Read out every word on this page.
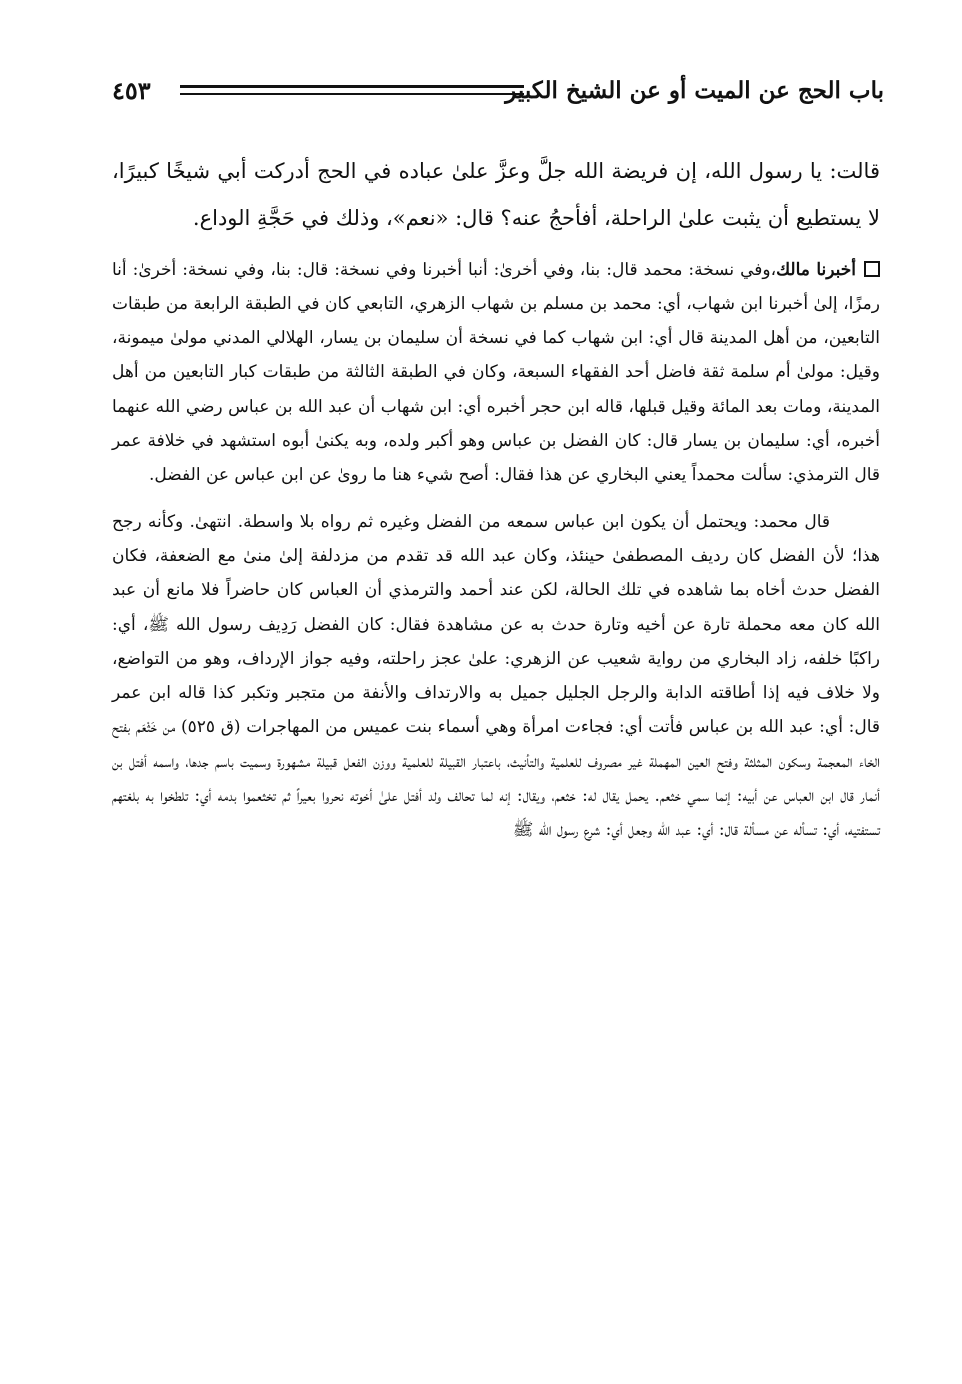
باب الحج عن الميت أو عن الشيخ الكبير
٤٥٣

قالت: يا رسول الله، إن فريضة الله جلَّ وعزَّ علىٰ عباده في الحج أدركت أبي شيخًا كبيرًا، لا يستطيع أن يثبت علىٰ الراحلة، أفأحجُ عنه؟ قال: «نعم»، وذلك في حَجَّةِ الوداع.

أخبرنا مالك،وفي نسخة: محمد قال: بنا، وفي أخرىٰ: أنبا أخبرنا وفي نسخة: قال: بنا، وفي نسخة: أخرىٰ: أنا رمزًا، إلىٰ أخبرنا ابن شهاب، أي: محمد بن مسلم بن شهاب الزهري، التابعي كان في الطبقة الرابعة من طبقات التابعين، من أهل المدينة قال أي: ابن شهاب كما في نسخة أن سليمان بن يسار، الهلالي المدني مولىٰ ميمونة، وقيل: مولىٰ أم سلمة ثقة فاضل أحد الفقهاء السبعة، وكان في الطبقة الثالثة من طبقات كبار التابعين من أهل المدينة، ومات بعد المائة وقيل قبلها، قاله ابن حجر أخبره أي: ابن شهاب أن عبد الله بن عباس رضي الله عنهما أخبره، أي: سليمان بن يسار قال: كان الفضل بن عباس وهو أكبر ولده، وبه يكنىٰ أبوه استشهد في خلافة عمر قال الترمذي: سألت محمداً يعني البخاري عن هذا فقال: أصح شيء هنا ما روىٰ عن ابن عباس عن الفضل.

قال محمد: ويحتمل أن يكون ابن عباس سمعه من الفضل وغيره ثم رواه بلا واسطة. انتهىٰ. وكأنه رجح هذا؛ لأن الفضل كان رديف المصطفىٰ حينئذ، وكان عبد الله قد تقدم من مزدلفة إلىٰ منىٰ مع الضعفة، فكان الفضل حدث أخاه بما شاهده في تلك الحالة، لكن عند أحمد والترمذي أن العباس كان حاضراً فلا مانع أن عبد الله كان معه محملة تارة عن أخيه وتارة حدث به عن مشاهدة فقال: كان الفضل رَدِيف رسول الله ﷺ، أي: راكبًا خلفه، زاد البخاري من رواية شعيب عن الزهري: علىٰ عجز راحلته، وفيه جواز الإرداف، وهو من التواضع، ولا خلاف فيه إذا أطاقته الدابة والرجل الجليل جميل به والارتداف والأنفة من متجبر وتكبر كذا قاله ابن عمر قال: أي: عبد الله بن عباس فأتت أي: فجاءت امرأة وهي أسماء بنت عميس من المهاجرات (ق ٥٢٥) من خَثْعَم بفتح الخاء المعجمة وسكون المثلثة وفتح العين المهملة غير مصروف للعلمية والتأنيث، باعتبار القبيلة للعلمية ووزن الفعل قبيلة مشهورة وسميت باسم جدها، واسمه أفتل بن أنمار قال ابن العباس عن أبيه: إنما سمي خثعم. يحمل يقال له: خثعم، ويقال: إنه لما تحالف ولد أفتل علىٰ أخوته نحروا بعيراً ثم تخثعموا بدمه أي: تلطخوا به بلغتهم تستفتيه، أي: تسأله عن مسألة قال: أي: عبد الله وجعل أي: شرع رسول الله ﷺ
